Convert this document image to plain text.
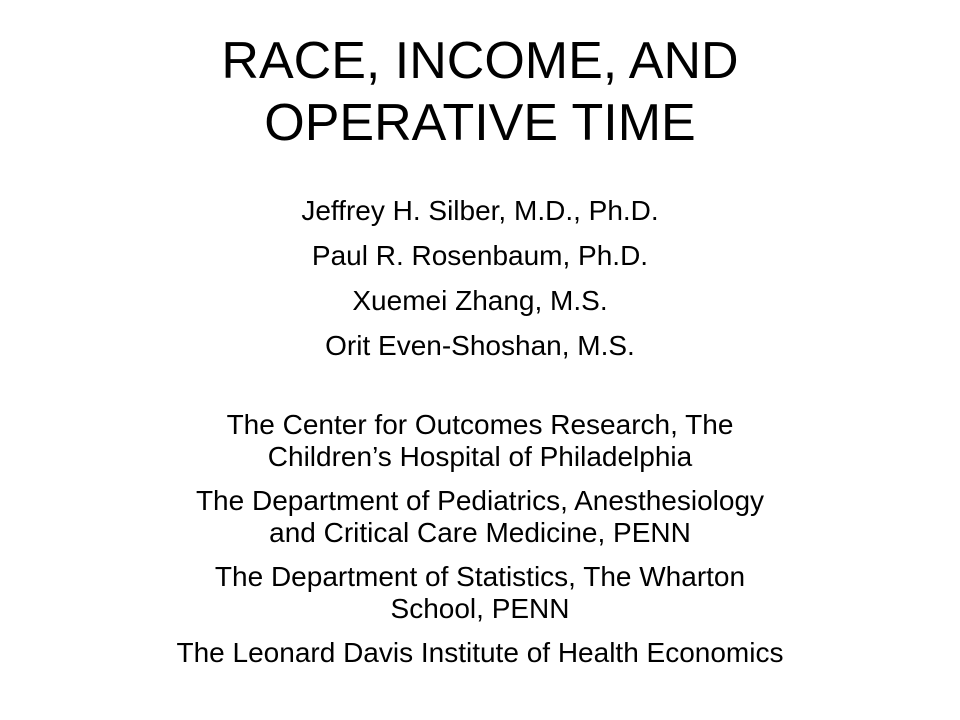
RACE, INCOME, AND
OPERATIVE TIME
Jeffrey H. Silber, M.D., Ph.D.
Paul R. Rosenbaum, Ph.D.
Xuemei Zhang, M.S.
Orit Even-Shoshan, M.S.
The Center for Outcomes Research, The
Children’s Hospital of Philadelphia
The Department of Pediatrics, Anesthesiology
and Critical Care Medicine, PENN
The Department of Statistics, The Wharton
School, PENN
The Leonard Davis Institute of Health Economics
